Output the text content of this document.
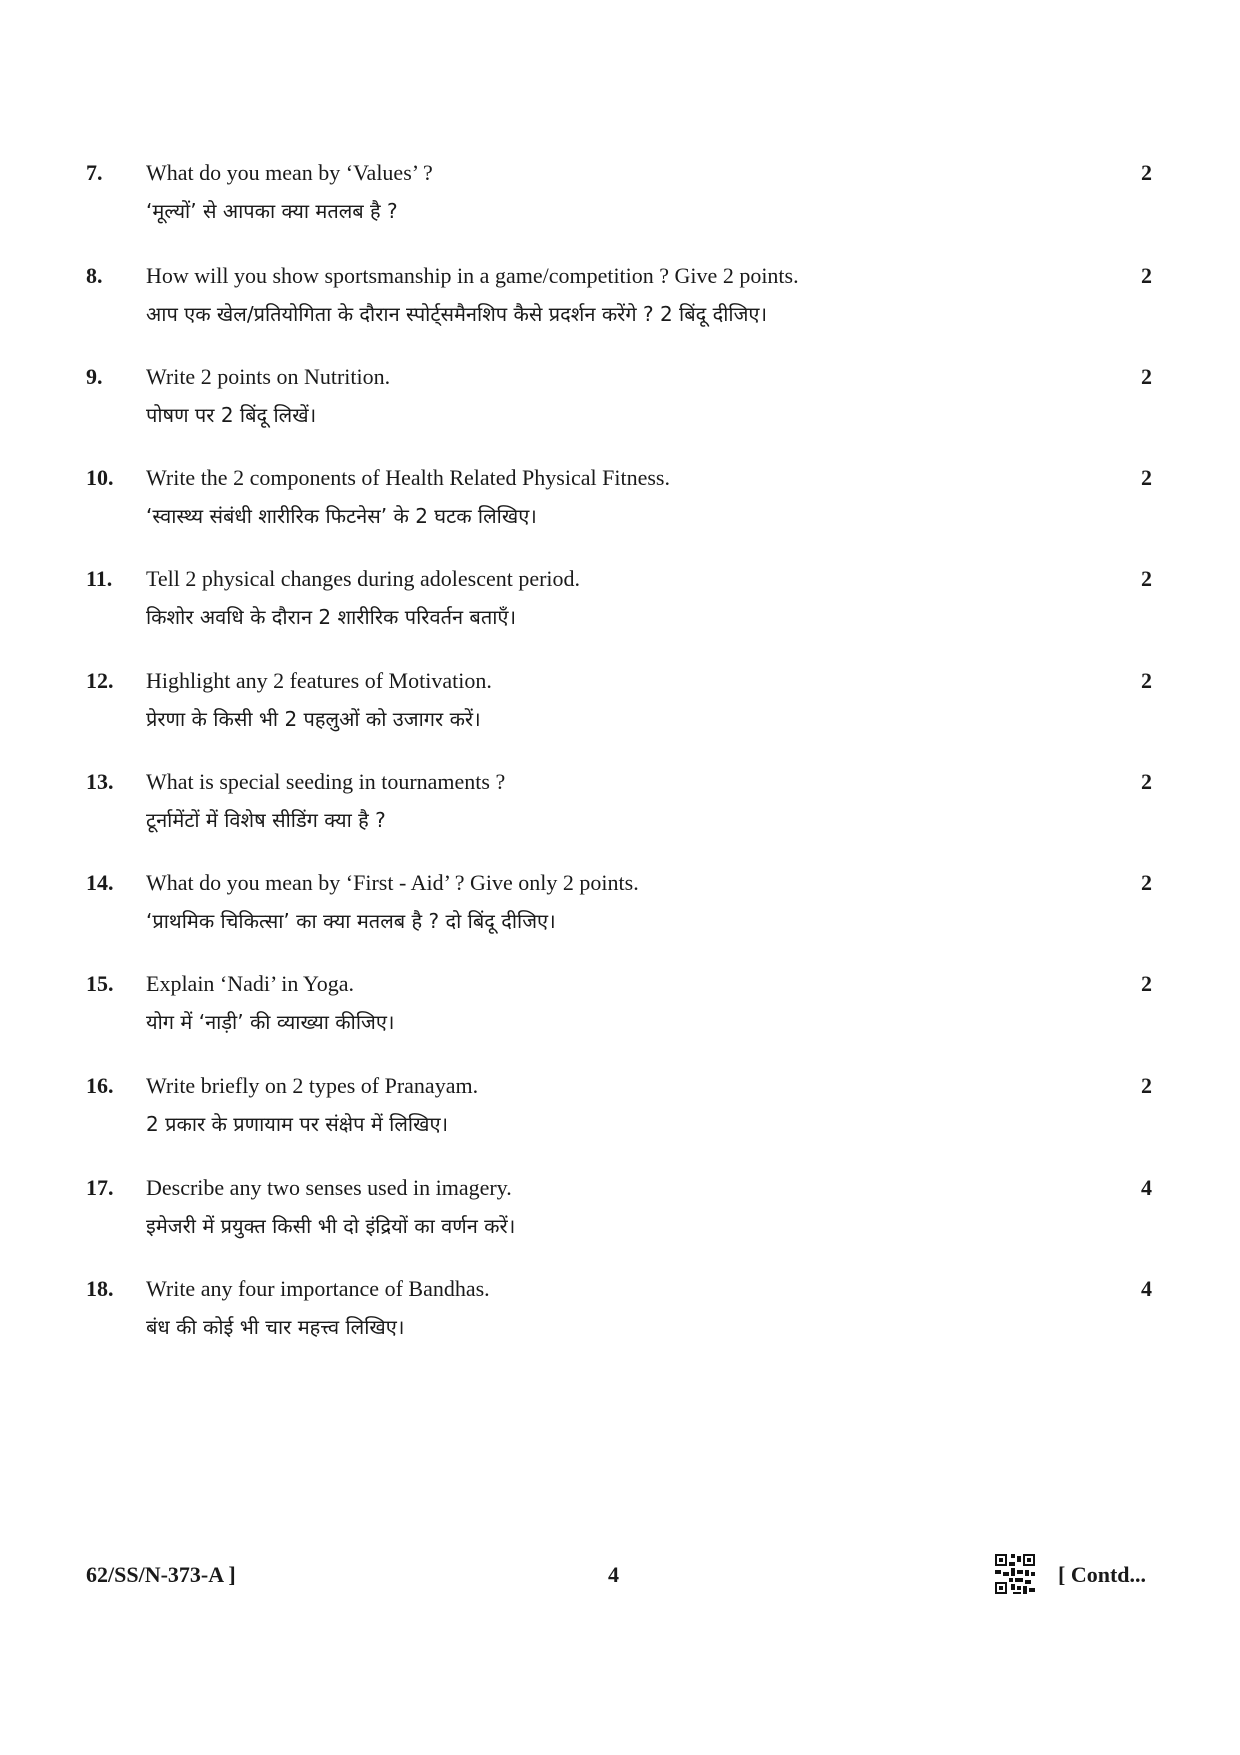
7. What do you mean by ‘Values’ ?
‘मूल्यों’ से आपका क्या मतलब है ?
2
8. How will you show sportsmanship in a game/competition ? Give 2 points.
आप एक खेल/प्रतियोगिता के दौरान स्पोर्ट्समैनशिप कैसे प्रदर्शन करेंगे ? 2 बिंदू दीजिए।
2
9. Write 2 points on Nutrition.
पोषण पर 2 बिंदू लिखें।
2
10. Write the 2 components of Health Related Physical Fitness.
‘स्वास्थ्य संबंधी शारीरिक फिटनेस’ के 2 घटक लिखिए।
2
11. Tell 2 physical changes during adolescent period.
किशोर अवधि के दौरान 2 शारीरिक परिवर्तन बताएँ।
2
12. Highlight any 2 features of Motivation.
प्रेरणा के किसी भी 2 पहलुओं को उजागर करें।
2
13. What is special seeding in tournaments ?
टूर्नामेंटों में विशेष सीडिंग क्या है ?
2
14. What do you mean by ‘First - Aid’ ? Give only 2 points.
‘प्राथमिक चिकित्सा’ का क्या मतलब है ? दो बिंदू दीजिए।
2
15. Explain ‘Nadi’ in Yoga.
योग में ‘नाड़ी’ की व्याख्या कीजिए।
2
16. Write briefly on 2 types of Pranayam.
2 प्रकार के प्रणायाम पर संक्षेप में लिखिए।
2
17. Describe any two senses used in imagery.
इमेजरी में प्रयुक्त किसी भी दो इंद्रियों का वर्णन करें।
4
18. Write any four importance of Bandhas.
बंध की कोई भी चार महत्त्व लिखिए।
4
62/SS/N-373-A ]	4	[ Contd...
